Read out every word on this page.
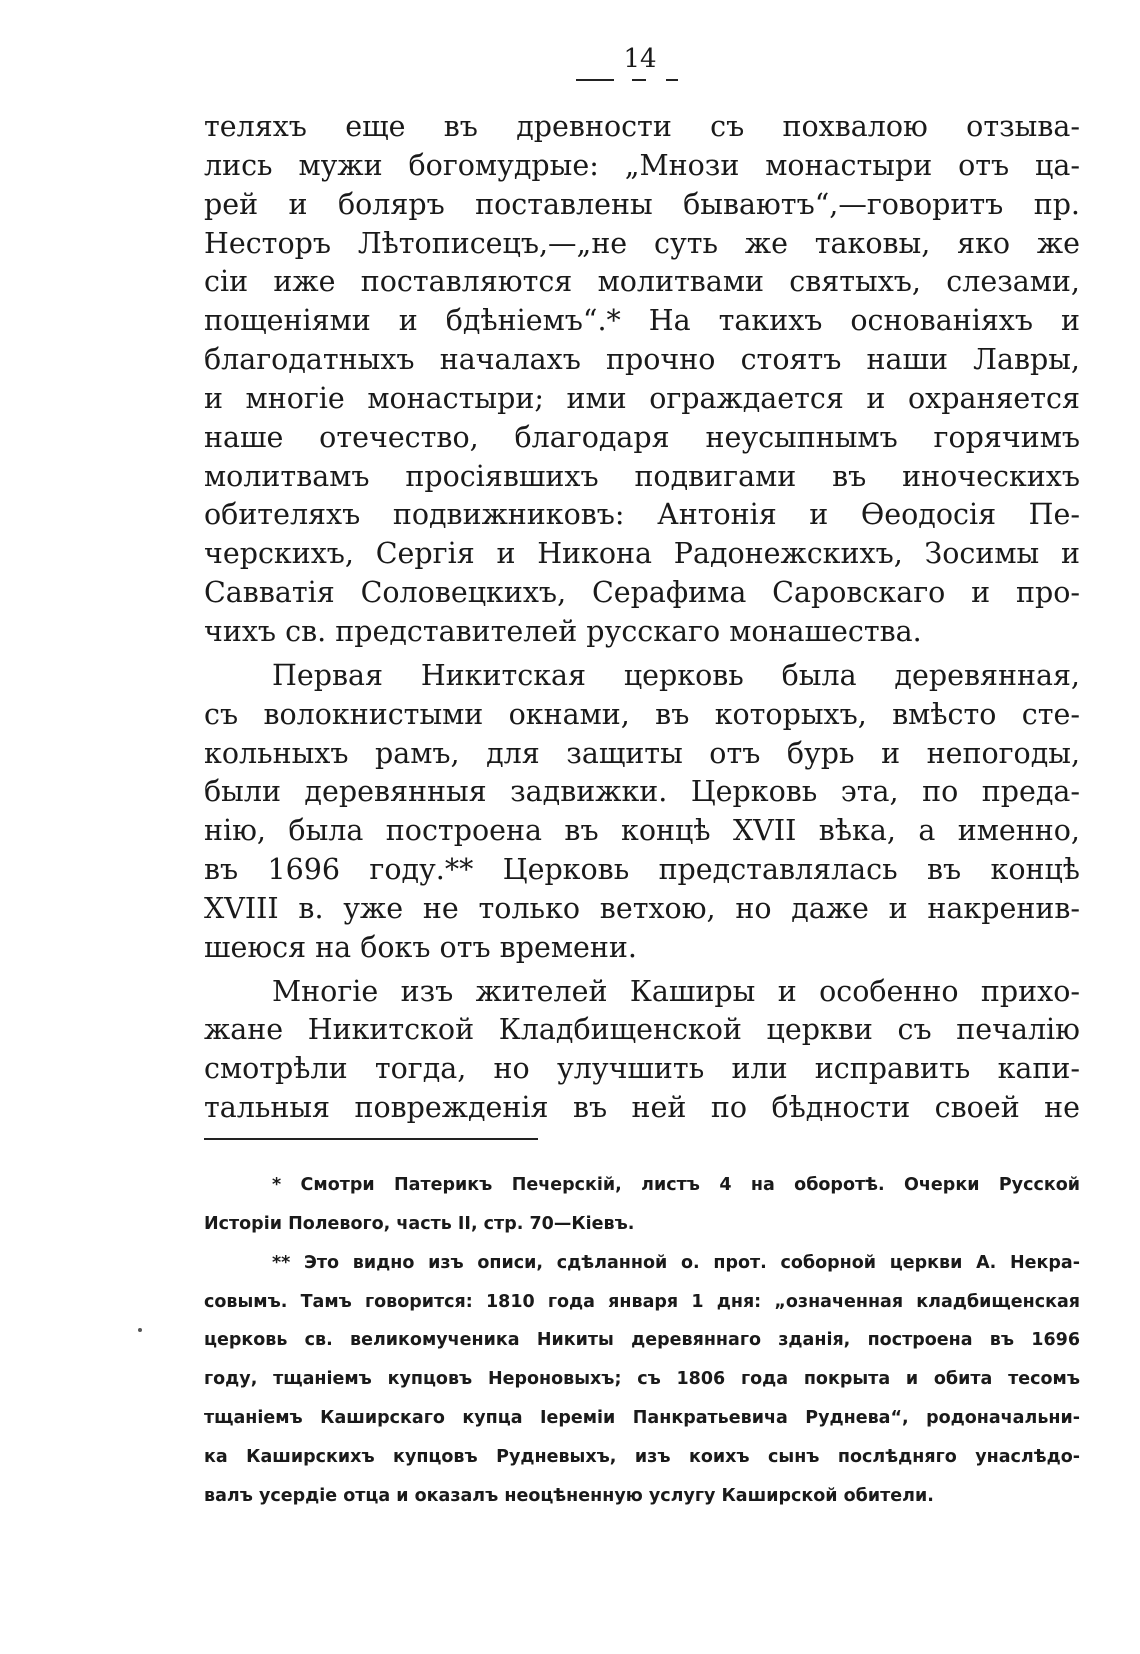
14
теляхъ еще въ древности съ похвалою отзыва-
лись мужи богомудрые: „Мнози монастыри отъ ца-
рей и боляръ поставлены бываютъ“,—говоритъ пр.
Несторъ Лѣтописецъ,—„не суть же таковы, яко же
сіи иже поставляются молитвами святыхъ, слезами,
пощеніями и бдѣніемъ“.* На такихъ основаніяхъ и
благодатныхъ началахъ прочно стоятъ наши Лавры,
и многіе монастыри; ими ограждается и охраняется
наше отечество, благодаря неусыпнымъ горячимъ
молитвамъ просіявшихъ подвигами въ иноческихъ
обителяхъ подвижниковъ: Антонія и Ѳеодосія Пе-
черскихъ, Сергія и Никона Радонежскихъ, Зосимы и
Савватія Соловецкихъ, Серафима Саровскаго и про-
чихъ св. представителей русскаго монашества.
Первая Никитская церковь была деревянная,
съ волокнистыми окнами, въ которыхъ, вмѣсто сте-
кольныхъ рамъ, для защиты отъ бурь и непогоды,
были деревянныя задвижки. Церковь эта, по преда-
нію, была построена въ концѣ XVII вѣка, а именно,
въ 1696 году.** Церковь представлялась въ концѣ
XVIII в. уже не только ветхою, но даже и накренив-
шеюся на бокъ отъ времени.
Многіе изъ жителей Каширы и особенно прихо-
жане Никитской Кладбищенской церкви съ печалію
смотрѣли тогда, но улучшить или исправить капи-
тальныя поврежденія въ ней по бѣдности своей не
* Смотри Патерикъ Печерскій, листъ 4 на оборотѣ. Очерки Русской
Исторіи Полевого, часть II, стр. 70—Кіевъ.
** Это видно изъ описи, сдѣланной о. прот. соборной церкви А. Некра-
совымъ. Тамъ говорится: 1810 года января 1 дня: „означенная кладбищенская
церковь св. великомученика Никиты деревяннаго зданія, построена въ 1696
году, тщаніемъ купцовъ Нероновыхъ; съ 1806 года покрыта и обита тесомъ
тщаніемъ Каширскаго купца Іереміи Панкратьевича Руднева“, родоначальни-
ка Каширскихъ купцовъ Рудневыхъ, изъ коихъ сынъ послѣдняго унаслѣдо-
валъ усердіе отца и оказалъ неоцѣненную услугу Каширской обители.
